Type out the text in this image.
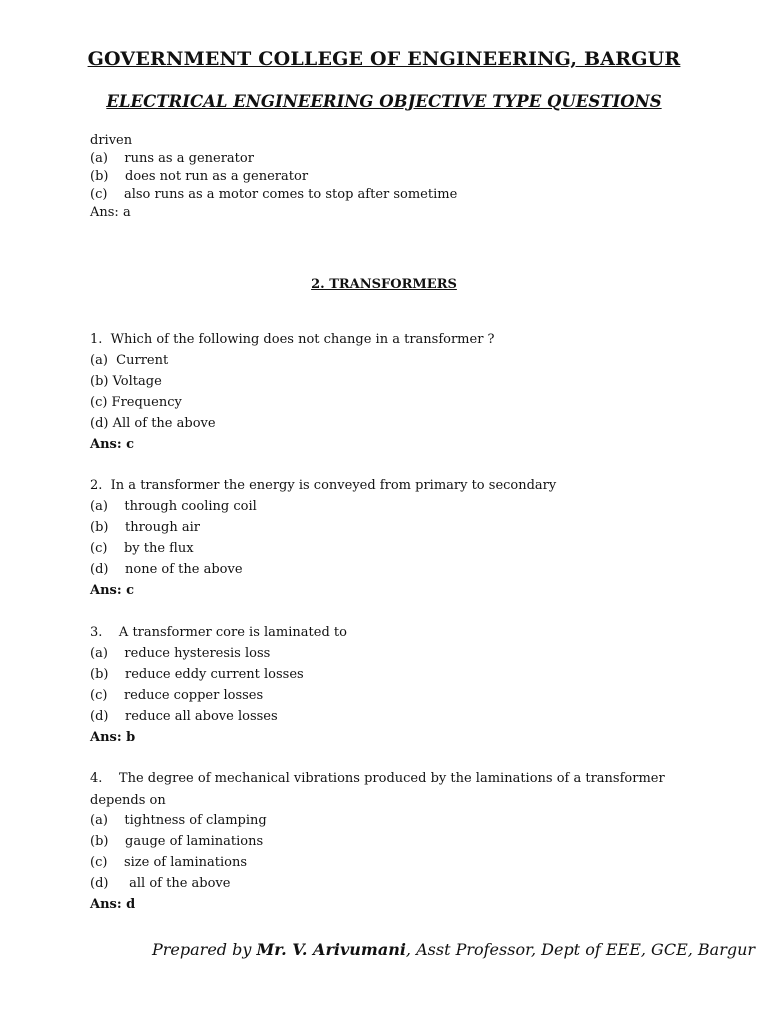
GOVERNMENT COLLEGE OF ENGINEERING, BARGUR
ELECTRICAL ENGINEERING OBJECTIVE TYPE QUESTIONS
driven
(a)    runs as a generator
(b)    does not run as a generator
(c)    also runs as a motor comes to stop after sometime
Ans: a
2. TRANSFORMERS
1.  Which of the following does not change in a transformer ?
(a)  Current
(b) Voltage
(c) Frequency
(d) All of the above
Ans: c
2.  In a transformer the energy is conveyed from primary to secondary
(a)    through cooling coil
(b)    through air
(c)    by the flux
(d)    none of the above
Ans: c
3.    A transformer core is laminated to
(a)    reduce hysteresis loss
(b)    reduce eddy current losses
(c)    reduce copper losses
(d)    reduce all above losses
Ans: b
4.    The degree of mechanical vibrations produced by the laminations of a transformer
depends on
(a)    tightness of clamping
(b)    gauge of laminations
(c)    size of laminations
(d)     all of the above
Ans: d
Prepared by Mr. V. Arivumani, Asst Professor, Dept of EEE, GCE, Bargur
